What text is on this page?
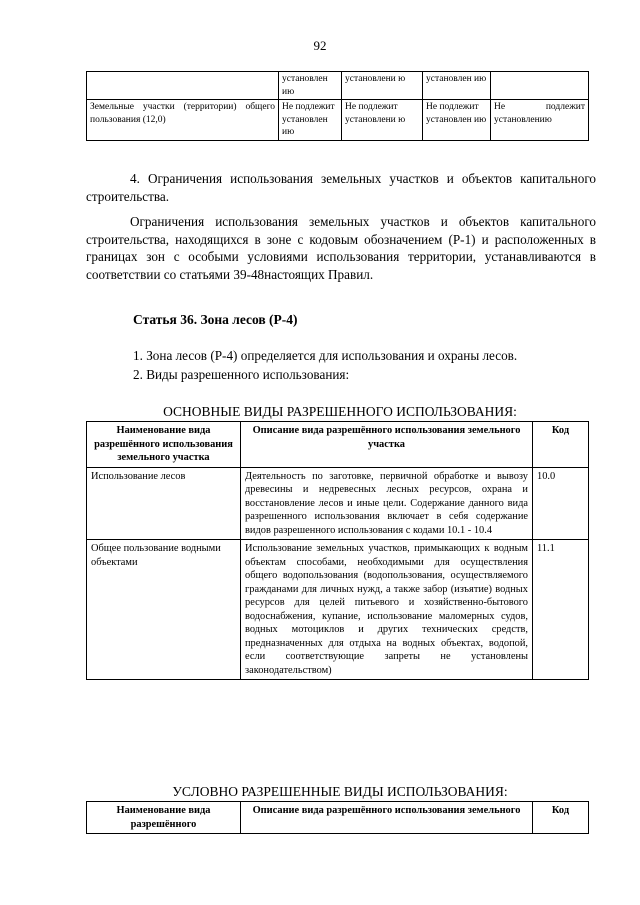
92
	установлен ию	установлени ю	установлен ию	
Земельные участки (территории) общего пользования (12,0)	Не подлежит установлен ию	Не подлежит установлени ю	Не подлежит установлен ию	Не подлежит установлению
4. Ограничения использования земельных участков и объектов капитального строительства.
Ограничения использования земельных участков и объектов капитального строительства, находящихся в зоне с кодовым обозначением (Р-1) и расположенных в границах зон с особыми условиями использования территории, устанавливаются в соответствии со статьями 39-48настоящих Правил.
Статья 36. Зона лесов (Р-4)
1. Зона лесов (Р-4) определяется для использования и охраны лесов.
2. Виды разрешенного использования:
ОСНОВНЫЕ ВИДЫ РАЗРЕШЕННОГО ИСПОЛЬЗОВАНИЯ:
Наименование вида разрешённого использования земельного участка	Описание вида разрешённого использования земельного участка	Код
Использование лесов	Деятельность по заготовке, первичной обработке и вывозу древесины и недревесных лесных ресурсов, охрана и восстановление лесов и иные цели. Содержание данного вида разрешенного использования включает в себя содержание видов разрешенного использования с кодами 10.1 - 10.4	10.0
Общее пользование водными объектами	Использование земельных участков, примыкающих к водным объектам способами, необходимыми для осуществления общего водопользования (водопользования, осуществляемого гражданами для личных нужд, а также забор (изъятие) водных ресурсов для целей питьевого и хозяйственно-бытового водоснабжения, купание, использование маломерных судов, водных мотоциклов и других технических средств, предназначенных для отдыха на водных объектах, водопой, если соответствующие запреты не установлены законодательством)	11.1
УСЛОВНО РАЗРЕШЕННЫЕ ВИДЫ ИСПОЛЬЗОВАНИЯ:
Наименование вида разрешённого	Описание вида разрешённого использования земельного	Код
